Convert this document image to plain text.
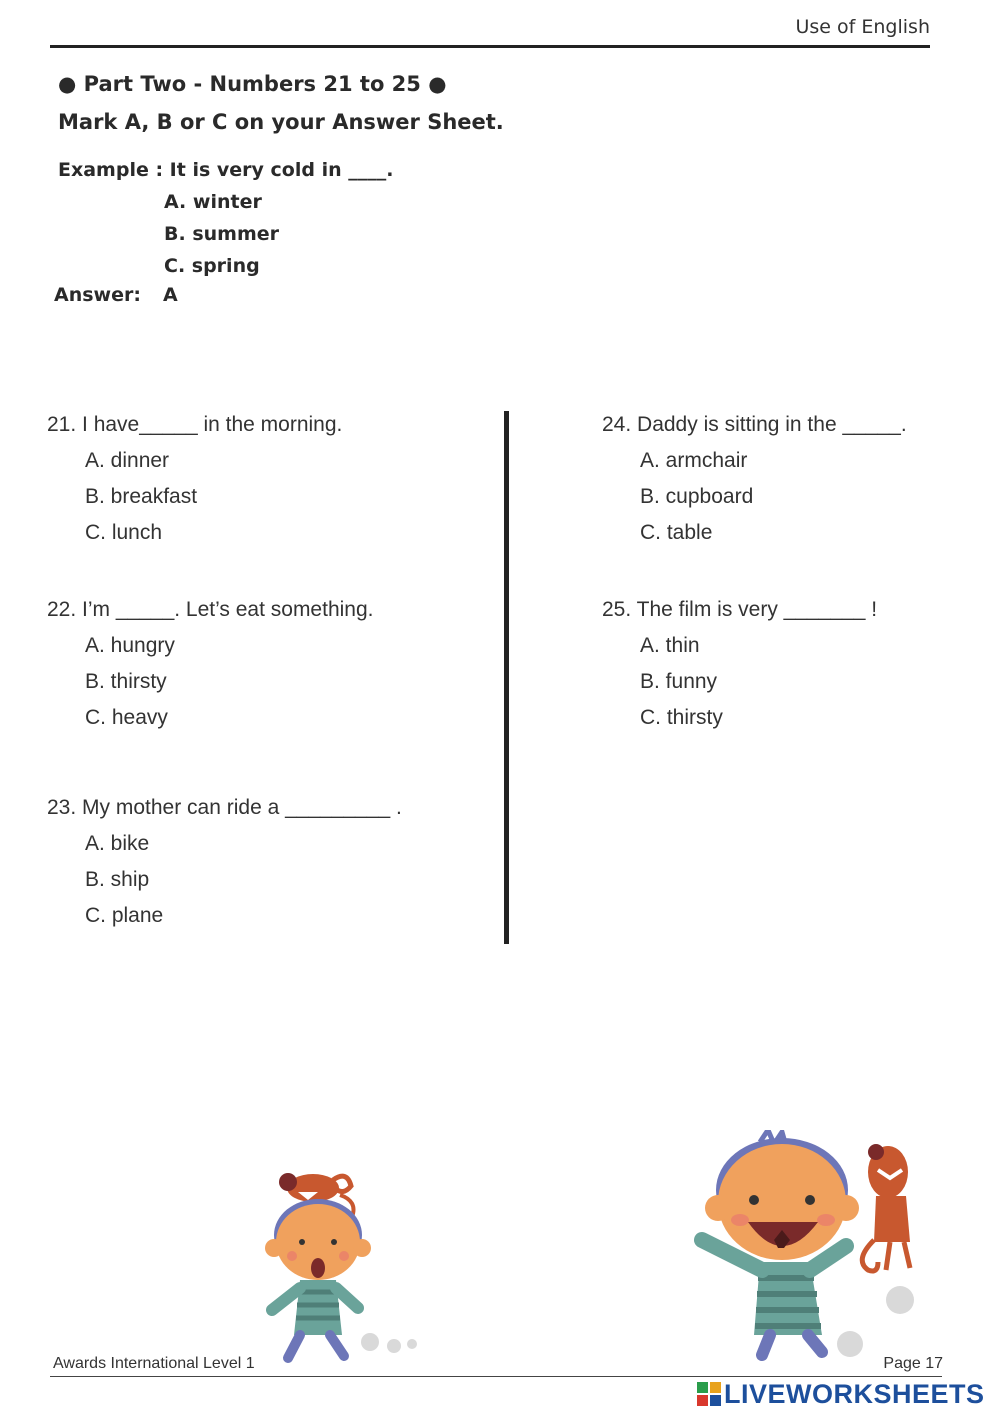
Use of English
● Part Two - Numbers 21 to 25 ●
Mark A, B or C on your Answer Sheet.
Example : It is very cold in ____.
A. winter
B. summer
C. spring
Answer: A
21. I have_____ in the morning.
A. dinner
B. breakfast
C. lunch
22. I’m _____. Let’s eat something.
A. hungry
B. thirsty
C. heavy
23. My mother can ride a _________ .
A. bike
B. ship
C. plane
24. Daddy is sitting in the _____.
A. armchair
B. cupboard
C. table
25. The film is very _______ !
A. thin
B. funny
C. thirsty
Awards International Level 1	Page 17
LIVEWORKSHEETS
